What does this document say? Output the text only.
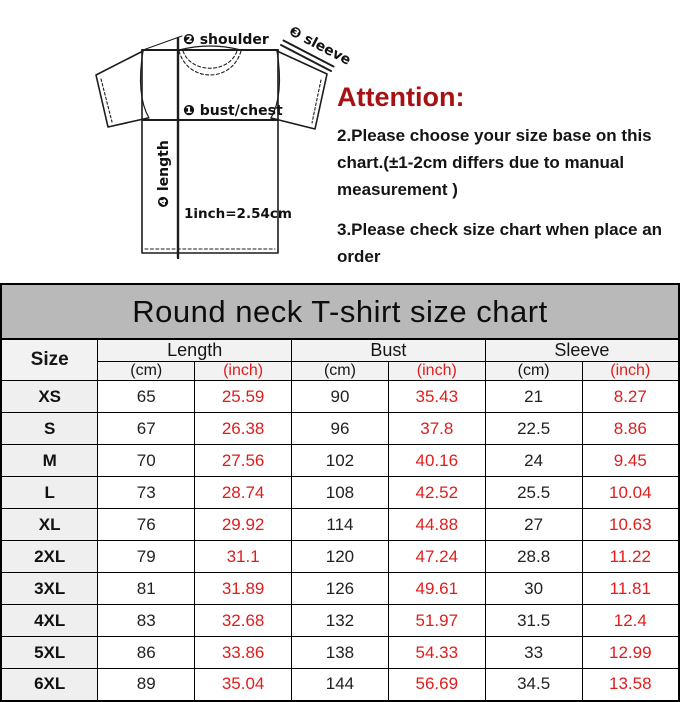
❷ shoulder ❸ sleeve
❶ bust/chest
❹ length
1inch=2.54cm
Attention:

2.Please choose your size base on this chart.(±1-2cm differs due to manual measurement )

3.Please check size chart when place an order

Round neck T-shirt size chart						
Size	Length		Bust		Sleeve	
	(cm)	(inch)	(cm)	(inch)	(cm)	(inch)
XS	65	25.59	90	35.43	21	8.27
S	67	26.38	96	37.8	22.5	8.86
M	70	27.56	102	40.16	24	9.45
L	73	28.74	108	42.52	25.5	10.04
XL	76	29.92	114	44.88	27	10.63
2XL	79	31.1	120	47.24	28.8	11.22
3XL	81	31.89	126	49.61	30	11.81
4XL	83	32.68	132	51.97	31.5	12.4
5XL	86	33.86	138	54.33	33	12.99
6XL	89	35.04	144	56.69	34.5	13.58
